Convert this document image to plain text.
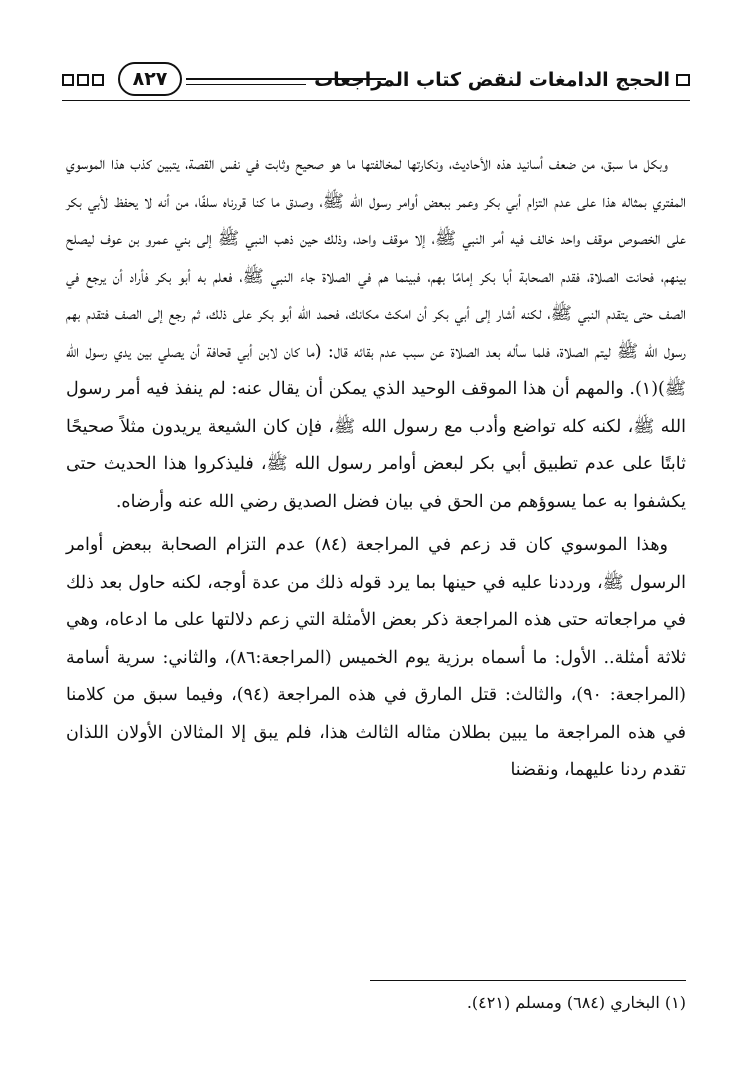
٨٢٧	الحجج الدامغات لنقض كتاب المراجعات

وبكل ما سبق، من ضعف أسانيد هذه الأحاديث، ونكارتها لمخالفتها ما هو صحيح وثابت في نفس القصة، يتبين كذب هذا الموسوي المفتري بمثاله هذا على عدم التزام أبي بكر وعمر ببعض أوامر رسول الله ﷺ، وصدق ما كنا قررناه سلفًا، من أنه لا يحفظ لأبي بكر على الخصوص موقف واحد خالف فيه أمر النبي ﷺ، إلا موقف واحد، وذلك حين ذهب النبي ﷺ إلى بني عمرو بن عوف ليصلح بينهم، فحانت الصلاة، فقدم الصحابة أبا بكر إمامًا بهم، فبينما هم في الصلاة جاء النبي ﷺ، فعلم به أبو بكر فأراد أن يرجع في الصف حتى يتقدم النبي ﷺ، لكنه أشار إلى أبي بكر أن امكث مكانك، فحمد الله أبو بكر على ذلك، ثم رجع إلى الصف فتقدم بهم رسول الله ﷺ ليتم الصلاة، فلما سأله بعد الصلاة عن سبب عدم بقائه قال: (ما كان لابن أبي قحافة أن يصلي بين يدي رسول الله ﷺ)(١). والمهم أن هذا الموقف الوحيد الذي يمكن أن يقال عنه: لم ينفذ فيه أمر رسول الله ﷺ، لكنه كله تواضع وأدب مع رسول الله ﷺ، فإن كان الشيعة يريدون مثلاً صحيحًا ثابتًا على عدم تطبيق أبي بكر لبعض أوامر رسول الله ﷺ، فليذكروا هذا الحديث حتى يكشفوا به عما يسوؤهم من الحق في بيان فضل الصديق رضي الله عنه وأرضاه.

وهذا الموسوي كان قد زعم في المراجعة (٨٤) عدم التزام الصحابة ببعض أوامر الرسول ﷺ، ورددنا عليه في حينها بما يرد قوله ذلك من عدة أوجه، لكنه حاول بعد ذلك في مراجعاته حتى هذه المراجعة ذكر بعض الأمثلة التي زعم دلالتها على ما ادعاه، وهي ثلاثة أمثلة.. الأول: ما أسماه برزية يوم الخميس (المراجعة:٨٦)، والثاني: سرية أسامة (المراجعة: ٩٠)، والثالث: قتل المارق في هذه المراجعة (٩٤)، وفيما سبق من كلامنا في هذه المراجعة ما يبين بطلان مثاله الثالث هذا، فلم يبق إلا المثالان الأولان اللذان تقدم ردنا عليهما، ونقضنا

(١) البخاري (٦٨٤) ومسلم (٤٢١).
